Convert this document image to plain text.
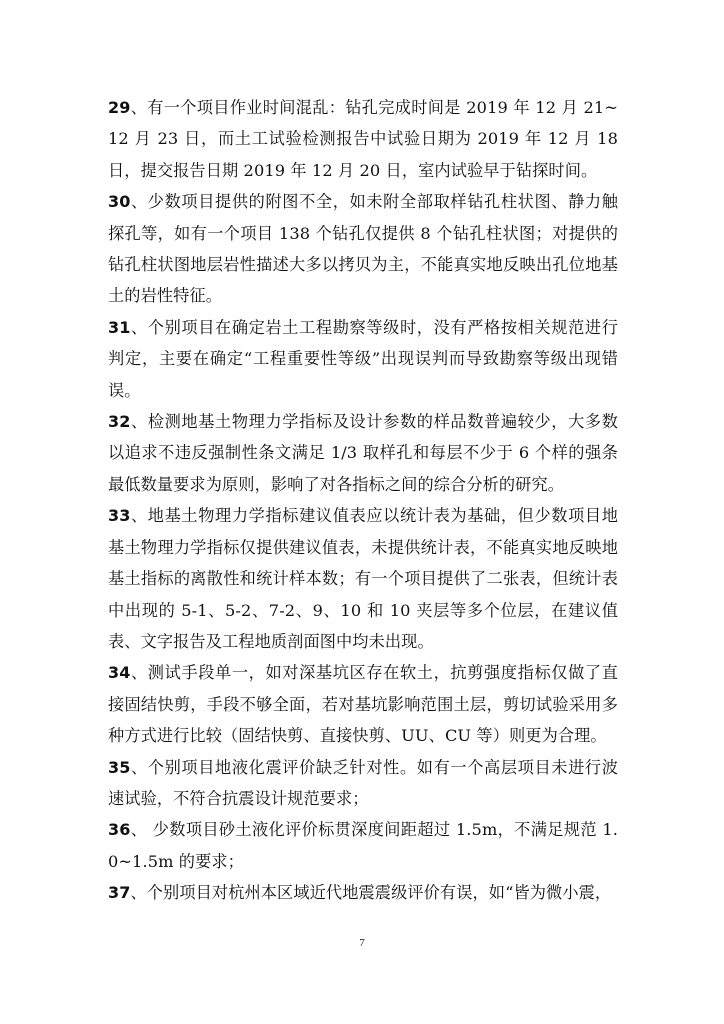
29、有一个项目作业时间混乱：钻孔完成时间是 2019 年 12 月 21~12 月 23 日，而土工试验检测报告中试验日期为 2019 年 12 月 18 日，提交报告日期 2019 年 12 月 20 日，室内试验早于钻探时间。

30、少数项目提供的附图不全，如未附全部取样钻孔柱状图、静力触探孔等，如有一个项目 138 个钻孔仅提供 8 个钻孔柱状图；对提供的钻孔柱状图地层岩性描述大多以拷贝为主，不能真实地反映出孔位地基土的岩性特征。

31、个别项目在确定岩土工程勘察等级时，没有严格按相关规范进行判定，主要在确定“工程重要性等级”出现误判而导致勘察等级出现错误。

32、检测地基土物理力学指标及设计参数的样品数普遍较少，大多数以追求不违反强制性条文满足 1/3 取样孔和每层不少于 6 个样的强条最低数量要求为原则，影响了对各指标之间的综合分析的研究。

33、地基土物理力学指标建议值表应以统计表为基础，但少数项目地基土物理力学指标仅提供建议值表，未提供统计表，不能真实地反映地基土指标的离散性和统计样本数；有一个项目提供了二张表，但统计表中出现的 5-1、5-2、7-2、9、10 和 10 夹层等多个位层，在建议值表、文字报告及工程地质剖面图中均未出现。

34、测试手段单一，如对深基坑区存在软土，抗剪强度指标仅做了直接固结快剪，手段不够全面，若对基坑影响范围土层，剪切试验采用多种方式进行比较（固结快剪、直接快剪、UU、CU 等）则更为合理。

35、个别项目地液化震评价缺乏针对性。如有一个高层项目未进行波速试验，不符合抗震设计规范要求；

36、 少数项目砂土液化评价标贯深度间距超过 1.5m，不满足规范 1.0~1.5m 的要求；

37、个别项目对杭州本区域近代地震震级评价有误，如“皆为微小震，

7
